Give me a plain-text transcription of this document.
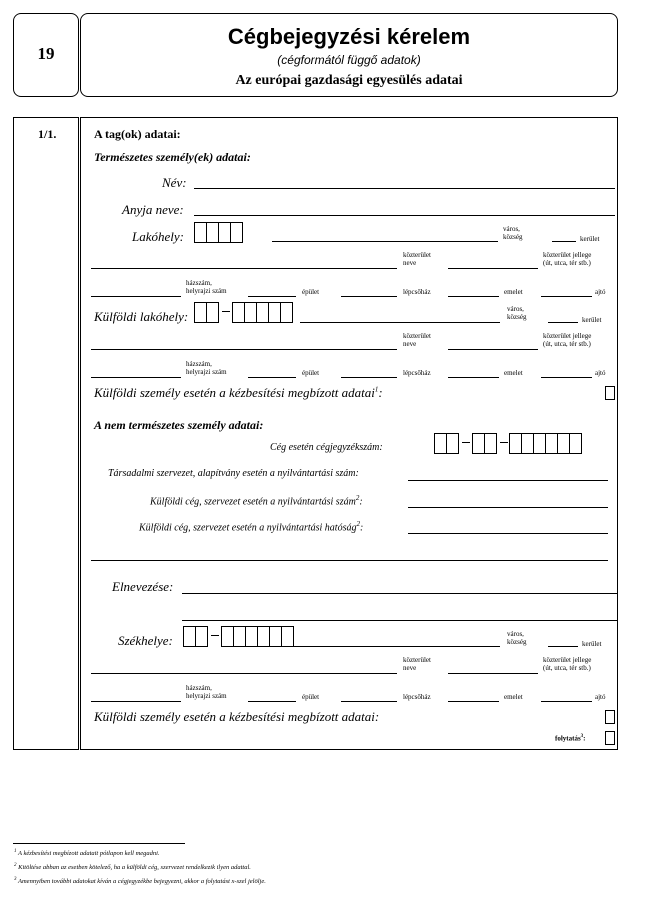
19
Cégbejegyzési kérelem
(cégformától függő adatok)
Az európai gazdasági egyesülés adatai
1/1.	A tag(ok) adatai:
Természetes személy(ek) adatai:
Név:
Anyja neve:
Lakóhely:	város,
község	kerület
közterület
neve
közterület jellege
(út, utca, tér stb.)
házszám,
helyrajzi szám	épület	lépcsőház	emelet	ajtó
Külföldi lakóhely:	város,
község	kerület
közterület
neve
közterület jellege
(út, utca, tér stb.)
házszám,
helyrajzi szám	épület	lépcsőház	emelet	ajtó
Külföldi személy esetén a kézbesítési megbízott adatai$^1$:
A nem természetes személy adatai:
Cég esetén cégjegyzékszám:
Társadalmi szervezet, alapítvány esetén a nyilvántartási szám:
Külföldi cég, szervezet esetén a nyilvántartási szám$^2$:
Külföldi cég, szervezet esetén a nyilvántartási hatóság$^2$:
Elnevezése:
Székhelye:	város,
község	kerület
közterület
neve
közterület jellege
(út, utca, tér stb.)
házszám,
helyrajzi szám	épület	lépcsőház	emelet	ajtó
Külföldi személy esetén a kézbesítési megbízott adatai:
folytatás$^3$:
$^1$ A kézbesítési megbízott adatait pótlapon kell megadni.
$^2$ Kitöltése abban az esetben kötelező, ha a külföldi cég, szervezet rendelkezik ilyen adattal.
$^3$ Amennyiben további adatokat kíván a cégjegyzékbe bejegyezni, akkor a folytatást x-szel jelölje.
